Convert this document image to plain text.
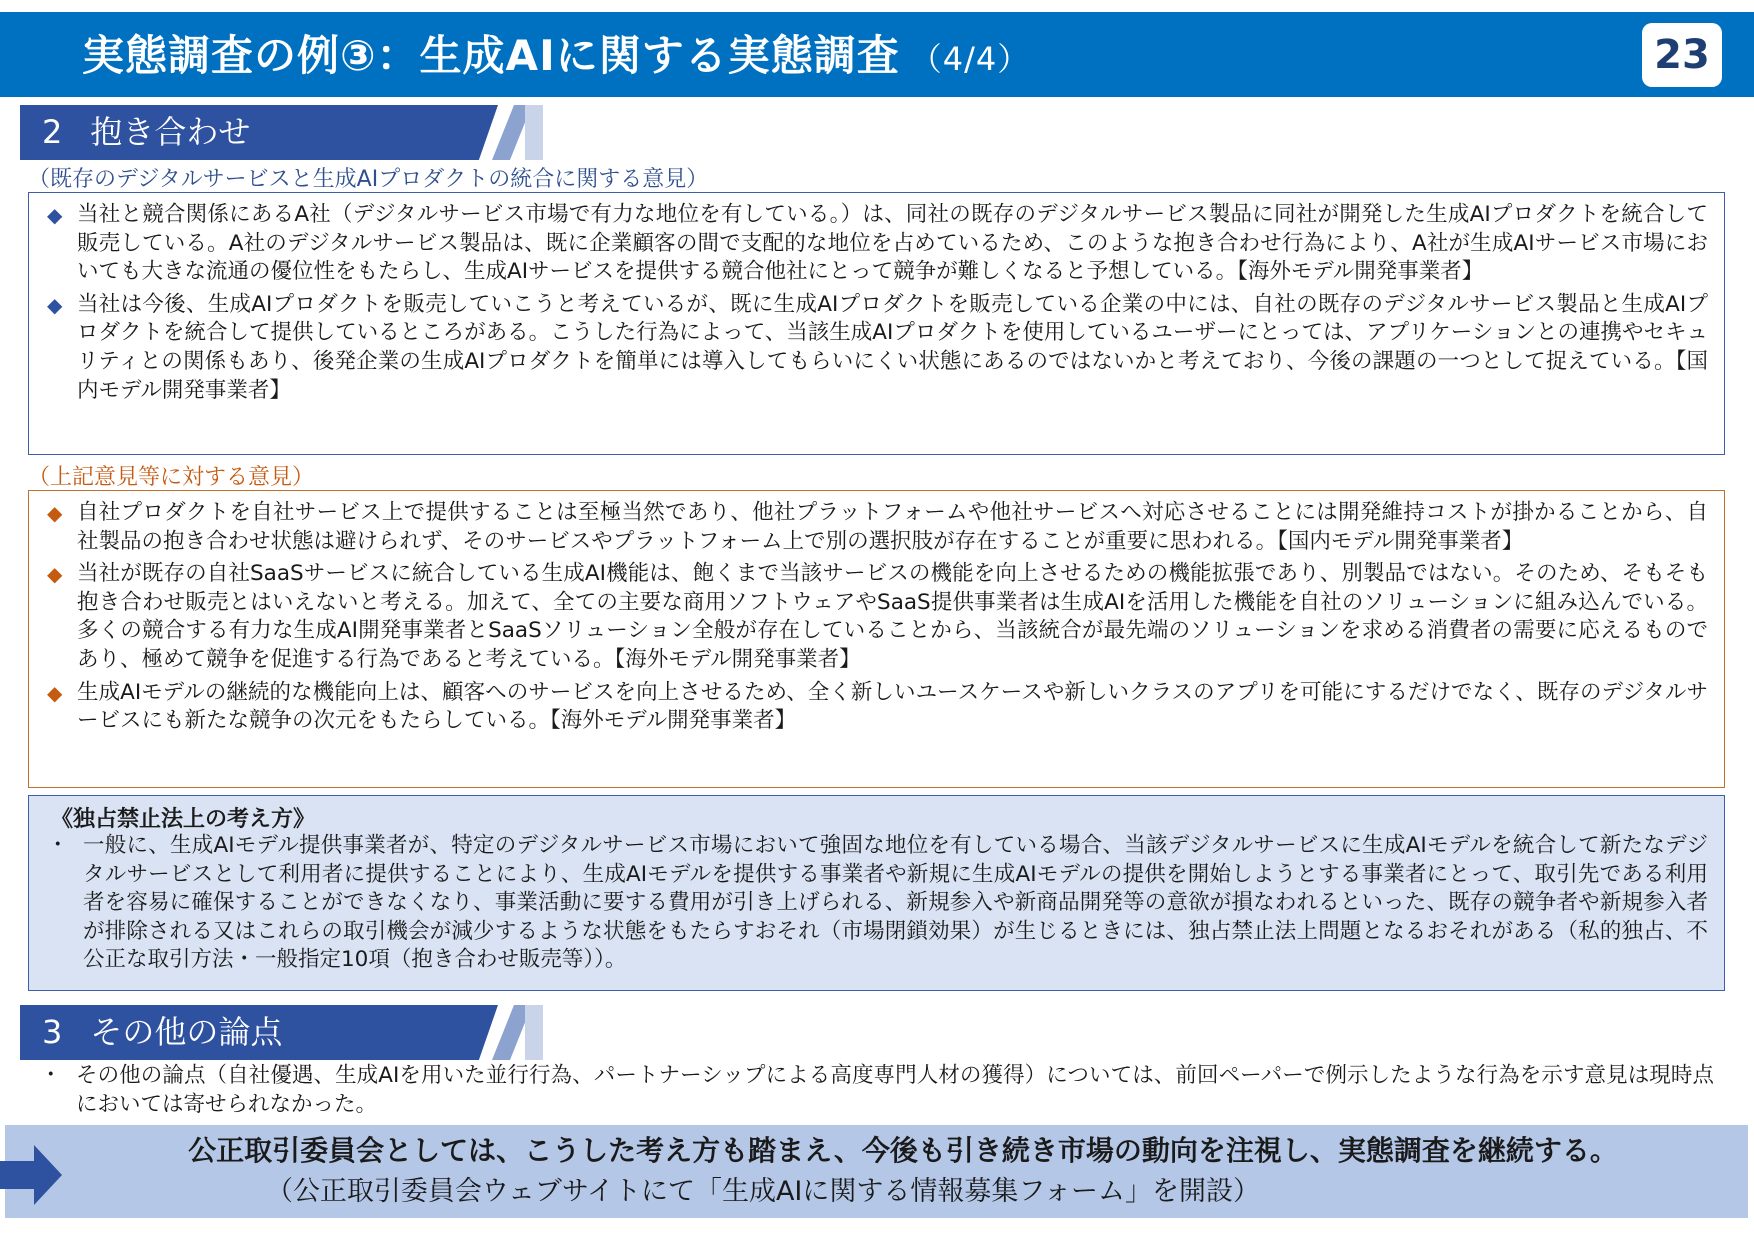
実態調査の例③：生成AIに関する実態調査 （4/4）	23
2 抱き合わせ
（既存のデジタルサービスと生成AIプロダクトの統合に関する意見）
◆ 当社と競合関係にあるA社（デジタルサービス市場で有力な地位を有している。）は、同社の既存のデジタルサービス製品に同社が開発した生成AIプロダクトを統合して販売している。A社のデジタルサービス製品は、既に企業顧客の間で支配的な地位を占めているため、このような抱き合わせ行為により、A社が生成AIサービス市場においても大きな流通の優位性をもたらし、生成AIサービスを提供する競合他社にとって競争が難しくなると予想している。【海外モデル開発事業者】
◆ 当社は今後、生成AIプロダクトを販売していこうと考えているが、既に生成AIプロダクトを販売している企業の中には、自社の既存のデジタルサービス製品と生成AIプロダクトを統合して提供しているところがある。こうした行為によって、当該生成AIプロダクトを使用しているユーザーにとっては、アプリケーションとの連携やセキュリティとの関係もあり、後発企業の生成AIプロダクトを簡単には導入してもらいにくい状態にあるのではないかと考えており、今後の課題の一つとして捉えている。【国内モデル開発事業者】
（上記意見等に対する意見）
◆ 自社プロダクトを自社サービス上で提供することは至極当然であり、他社プラットフォームや他社サービスへ対応させることには開発維持コストが掛かることから、自社製品の抱き合わせ状態は避けられず、そのサービスやプラットフォーム上で別の選択肢が存在することが重要に思われる。【国内モデル開発事業者】
◆ 当社が既存の自社SaaSサービスに統合している生成AI機能は、飽くまで当該サービスの機能を向上させるための機能拡張であり、別製品ではない。そのため、そもそも抱き合わせ販売とはいえないと考える。加えて、全ての主要な商用ソフトウェアやSaaS提供事業者は生成AIを活用した機能を自社のソリューションに組み込んでいる。多くの競合する有力な生成AI開発事業者とSaaSソリューション全般が存在していることから、当該統合が最先端のソリューションを求める消費者の需要に応えるものであり、極めて競争を促進する行為であると考えている。【海外モデル開発事業者】
◆ 生成AIモデルの継続的な機能向上は、顧客へのサービスを向上させるため、全く新しいユースケースや新しいクラスのアプリを可能にするだけでなく、既存のデジタルサービスにも新たな競争の次元をもたらしている。【海外モデル開発事業者】
《独占禁止法上の考え方》
・ 一般に、生成AIモデル提供事業者が、特定のデジタルサービス市場において強固な地位を有している場合、当該デジタルサービスに生成AIモデルを統合して新たなデジタルサービスとして利用者に提供することにより、生成AIモデルを提供する事業者や新規に生成AIモデルの提供を開始しようとする事業者にとって、取引先である利用者を容易に確保することができなくなり、事業活動に要する費用が引き上げられる、新規参入や新商品開発等の意欲が損なわれるといった、既存の競争者や新規参入者が排除される又はこれらの取引機会が減少するような状態をもたらすおそれ（市場閉鎖効果）が生じるときには、独占禁止法上問題となるおそれがある（私的独占、不公正な取引方法・一般指定10項（抱き合わせ販売等））。
3 その他の論点
・ その他の論点（自社優遇、生成AIを用いた並行行為、パートナーシップによる高度専門人材の獲得）については、前回ペーパーで例示したような行為を示す意見は現時点においては寄せられなかった。
公正取引委員会としては、こうした考え方も踏まえ、今後も引き続き市場の動向を注視し、実態調査を継続する。
（公正取引委員会ウェブサイトにて「生成AIに関する情報募集フォーム」を開設）
